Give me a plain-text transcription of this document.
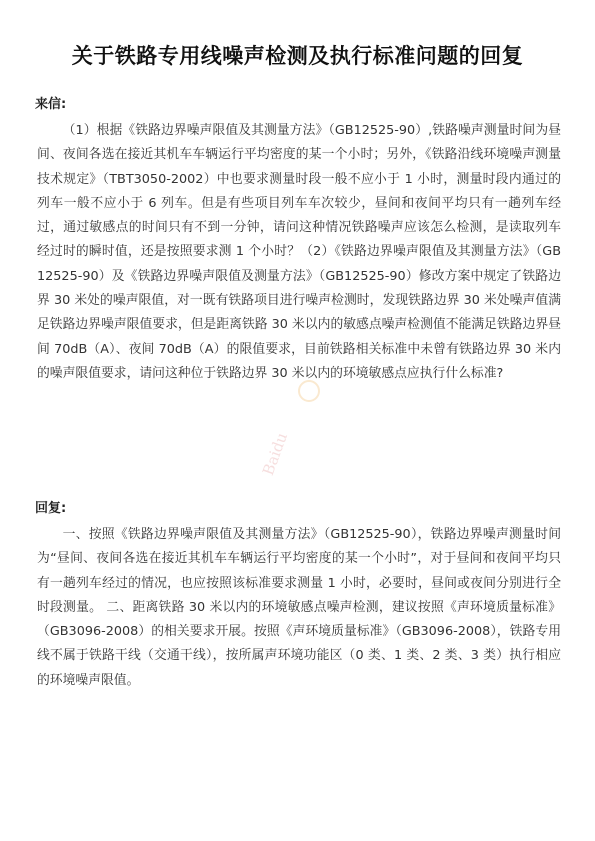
关于铁路专用线噪声检测及执行标准问题的回复
来信:

（1）根据《铁路边界噪声限值及其测量方法》（GB12525-90）,铁路噪声测量时间为昼间、夜间各选在接近其机车车辆运行平均密度的某一个小时；另外，《铁路沿线环境噪声测量技术规定》（TBT3050-2002）中也要求测量时段一般不应小于 1 小时，测量时段内通过的列车一般不应小于 6 列车。但是有些项目列车车次较少，昼间和夜间平均只有一趟列车经过，通过敏感点的时间只有不到一分钟，请问这种情况铁路噪声应该怎么检测，是读取列车经过时的瞬时值，还是按照要求测 1 个小时？（2）《铁路边界噪声限值及其测量方法》（GB12525-90）及《铁路边界噪声限值及测量方法》（GB12525-90）修改方案中规定了铁路边界 30 米处的噪声限值，对一既有铁路项目进行噪声检测时，发现铁路边界 30 米处噪声值满足铁路边界噪声限值要求，但是距离铁路 30 米以内的敏感点噪声检测值不能满足铁路边界昼间 70dB（A）、夜间 70dB（A）的限值要求，目前铁路相关标准中未曾有铁路边界 30 米内的噪声限值要求，请问这种位于铁路边界 30 米以内的环境敏感点应执行什么标准?

回复:

一、按照《铁路边界噪声限值及其测量方法》（GB12525-90），铁路边界噪声测量时间为“昼间、夜间各选在接近其机车车辆运行平均密度的某一个小时”，对于昼间和夜间平均只有一趟列车经过的情况，也应按照该标准要求测量 1 小时，必要时，昼间或夜间分别进行全时段测量。 二、距离铁路 30 米以内的环境敏感点噪声检测，建议按照《声环境质量标准》（GB3096-2008）的相关要求开展。按照《声环境质量标准》（GB3096-2008），铁路专用线不属于铁路干线（交通干线），按所属声环境功能区（0 类、1 类、2 类、3 类）执行相应的环境噪声限值。

Baidu
